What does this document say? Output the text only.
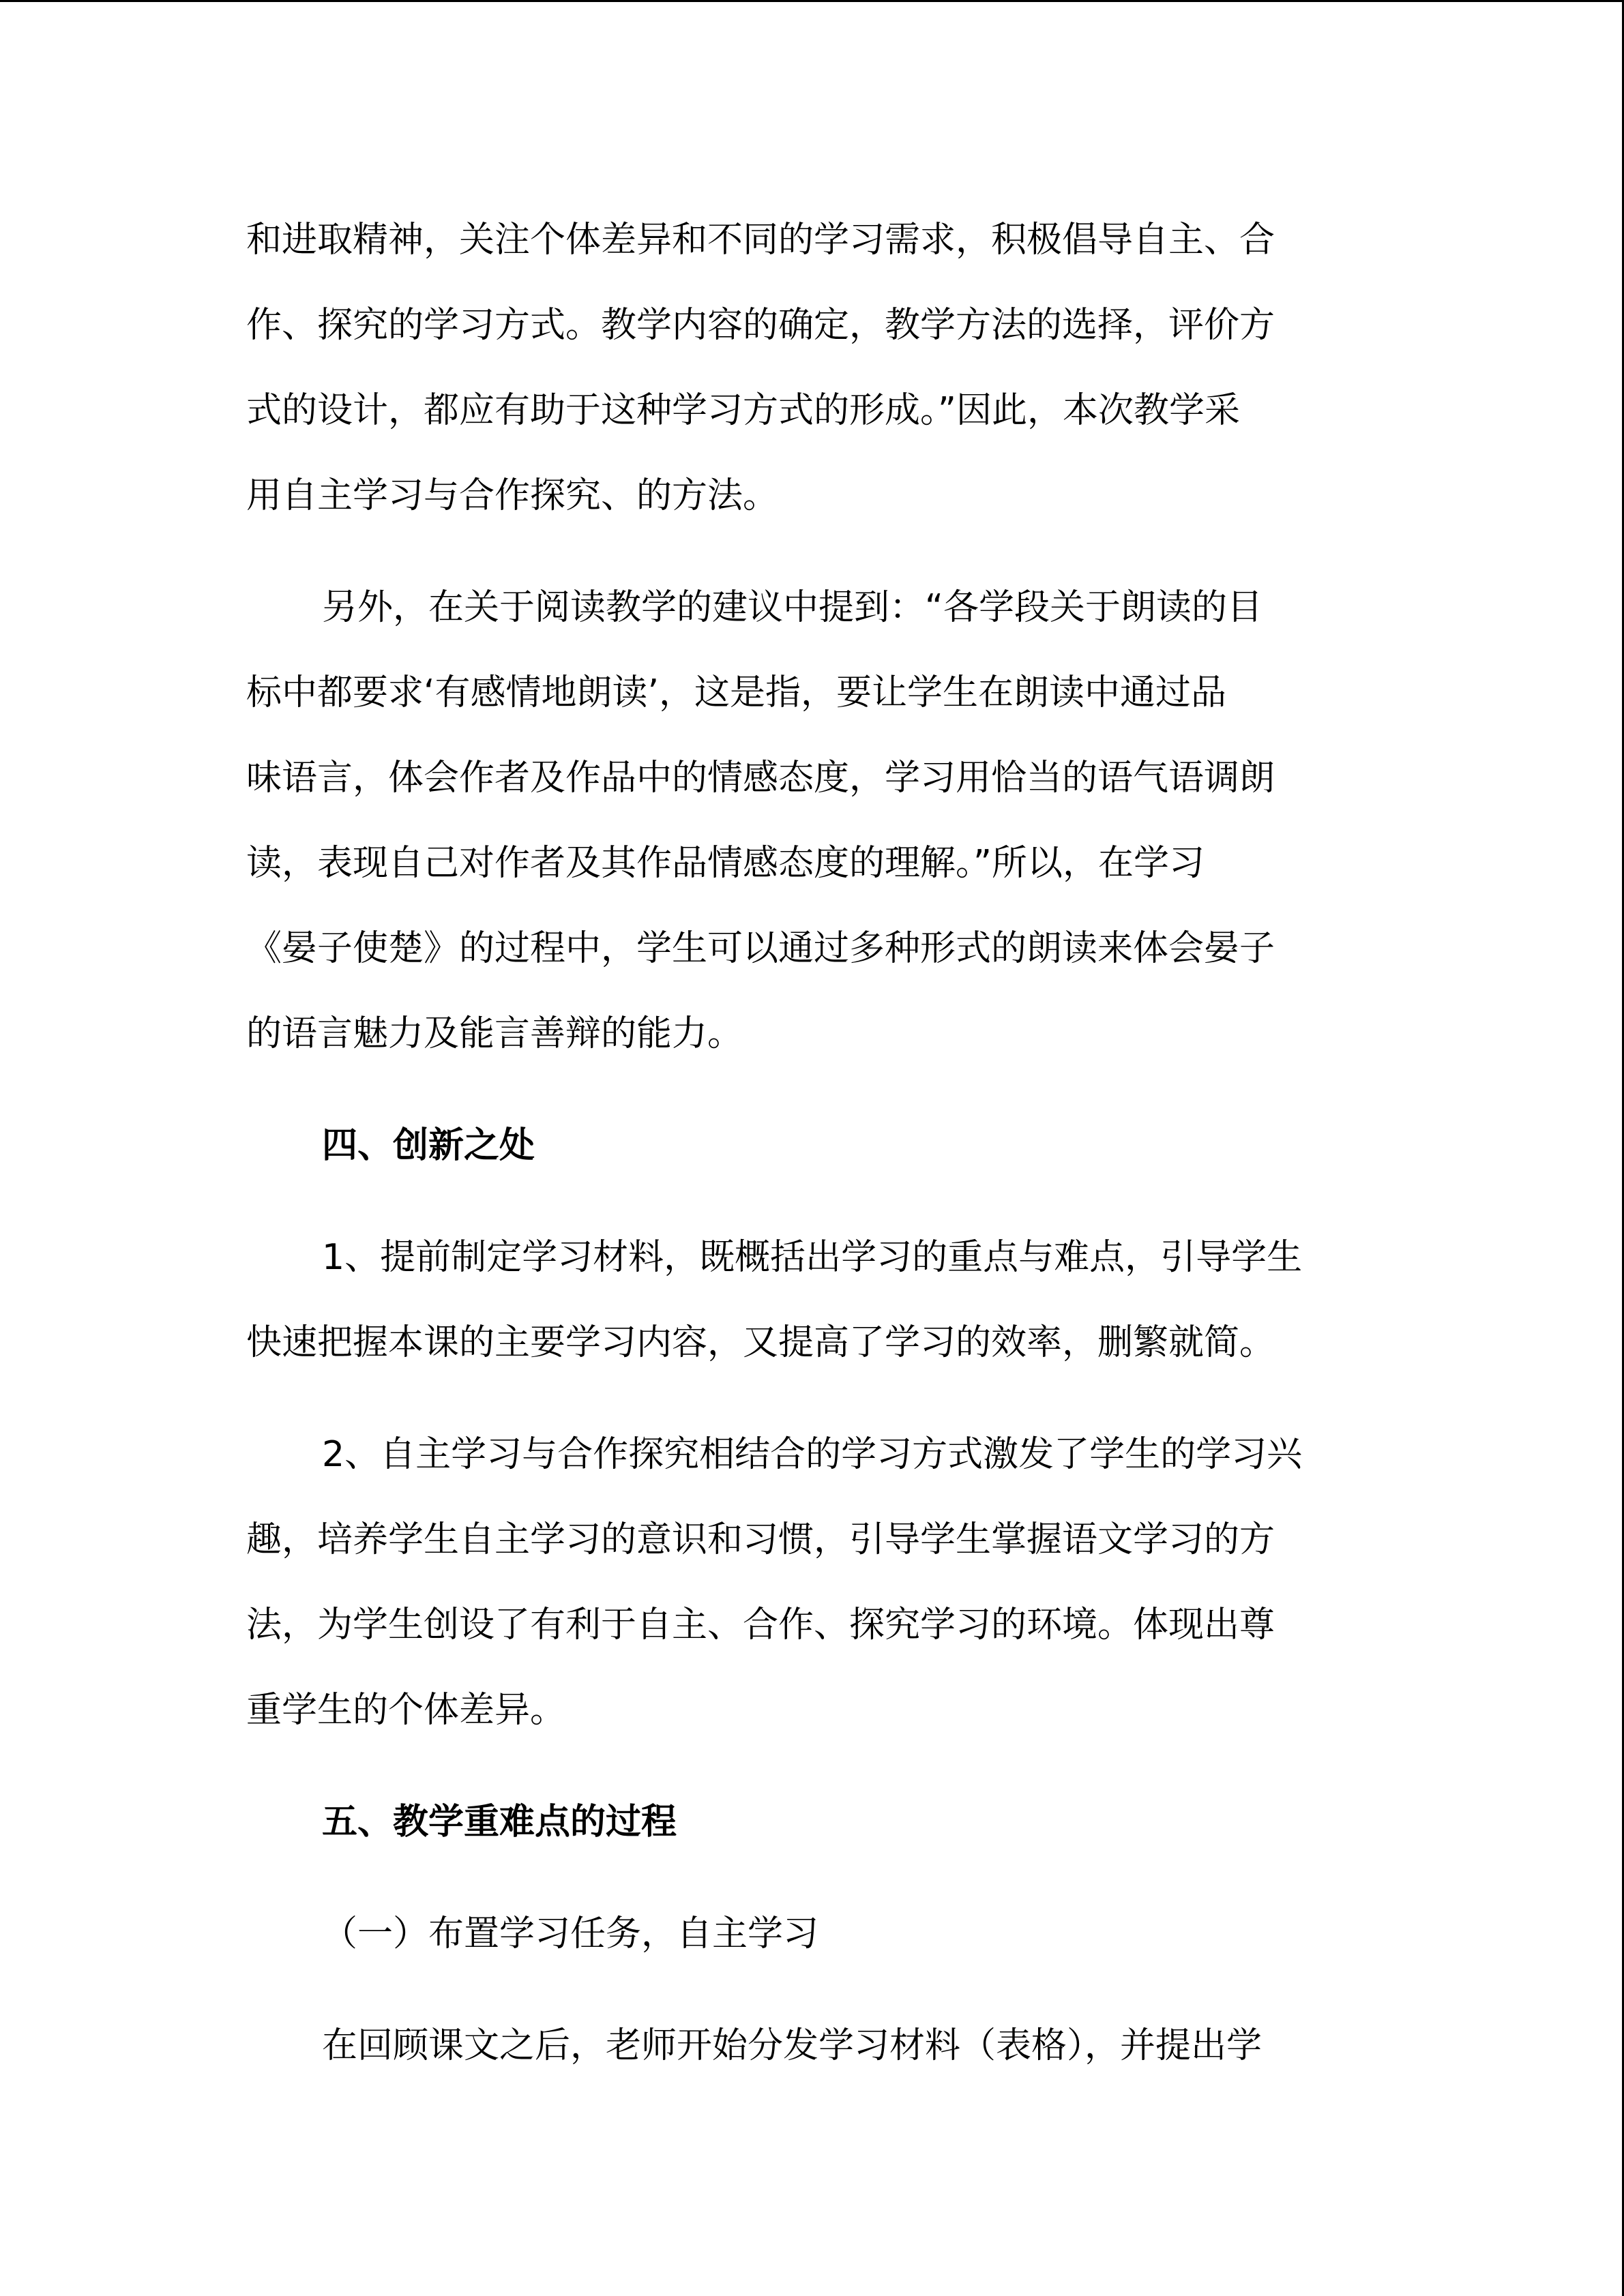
和进取精神，关注个体差异和不同的学习需求，积极倡导自主、合

作、探究的学习方式。教学内容的确定，教学方法的选择，评价方

式的设计，都应有助于这种学习方式的形成。”因此，本次教学采

用自主学习与合作探究、的方法。

另外，在关于阅读教学的建议中提到：“各学段关于朗读的目

标中都要求‘有感情地朗读’，这是指，要让学生在朗读中通过品

味语言，体会作者及作品中的情感态度，学习用恰当的语气语调朗

读，表现自己对作者及其作品情感态度的理解。”所以，在学习

《晏子使楚》的过程中，学生可以通过多种形式的朗读来体会晏子

的语言魅力及能言善辩的能力。

四、创新之处

1、提前制定学习材料，既概括出学习的重点与难点，引导学生

快速把握本课的主要学习内容，又提高了学习的效率，删繁就简。

2、自主学习与合作探究相结合的学习方式激发了学生的学习兴

趣，培养学生自主学习的意识和习惯，引导学生掌握语文学习的方

法，为学生创设了有利于自主、合作、探究学习的环境。体现出尊

重学生的个体差异。

五、教学重难点的过程

（一）布置学习任务，自主学习

在回顾课文之后，老师开始分发学习材料（表格），并提出学
